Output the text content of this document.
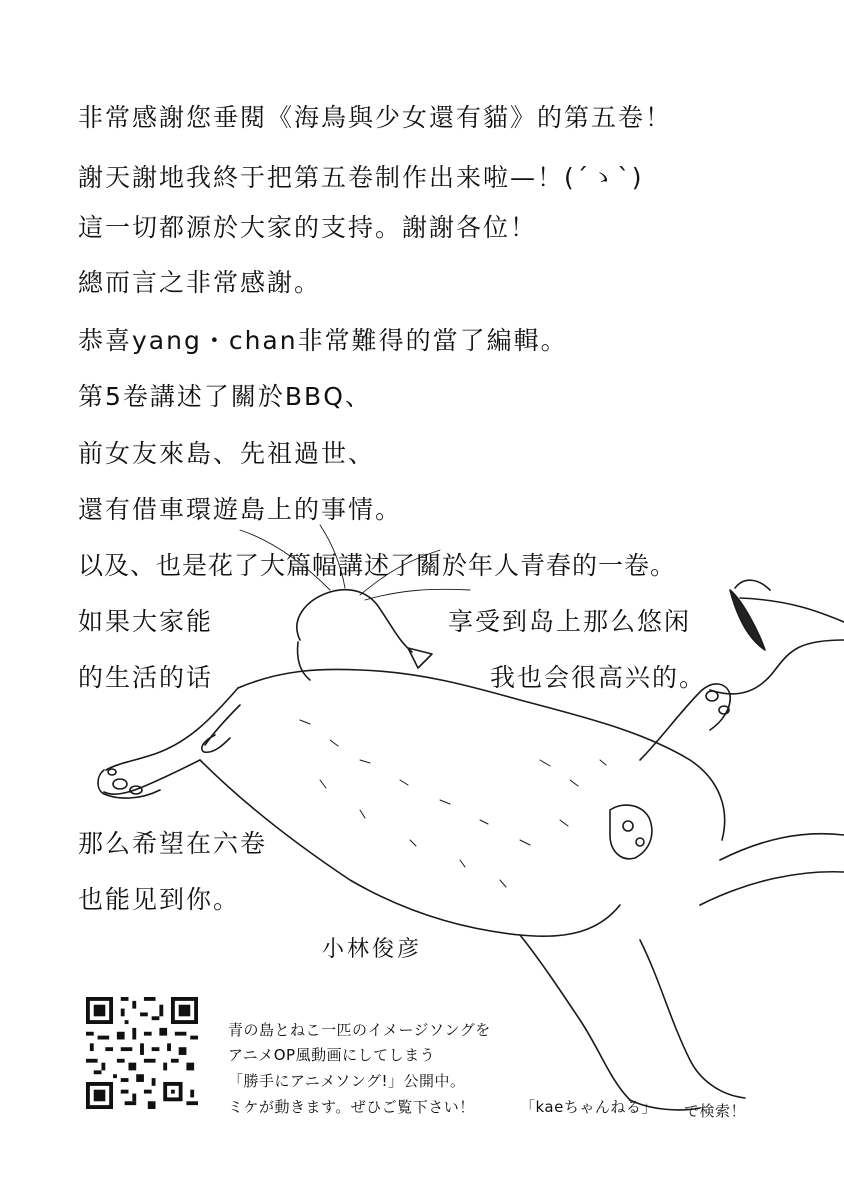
非常感謝您垂閱《海鳥與少女還有貓》的第五卷！
謝天謝地我終于把第五卷制作出来啦—！(´ゝ`)
這一切都源於大家的支持。謝謝各位！
總而言之非常感謝。
恭喜yang・chan非常難得的當了編輯。
第5卷講述了關於BBQ、
前女友來島、先祖過世、
還有借車環遊島上的事情。
以及、也是花了大篇幅講述了關於年人青春的一卷。
如果大家能	享受到岛上那么悠闲
的生活的话	我也会很高兴的。
那么希望在六卷
也能见到你。
小林俊彦
青の島とねこ一匹のイメージソングを
アニメOP風動画にしてしまう
「勝手にアニメソング!」公開中。
ミケが動きます。ぜひご覧下さい！	「kaeちゃんねる」 で検索！
